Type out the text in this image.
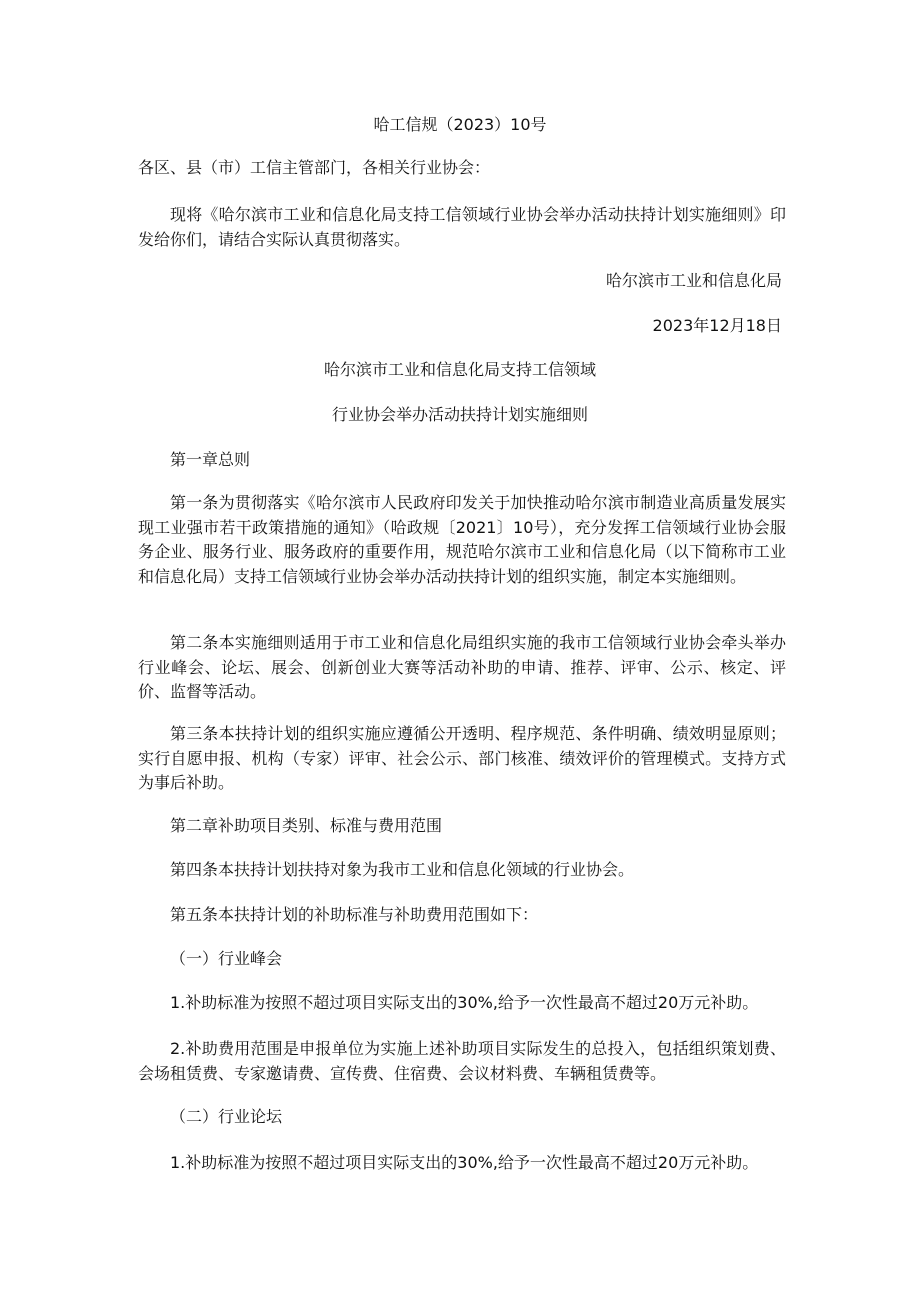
哈工信规（2023）10号

各区、县（市）工信主管部门，各相关行业协会：

现将《哈尔滨市工业和信息化局支持工信领域行业协会举办活动扶持计划实施细则》印发给你们，请结合实际认真贯彻落实。

哈尔滨市工业和信息化局

2023年12月18日

哈尔滨市工业和信息化局支持工信领域

行业协会举办活动扶持计划实施细则

第一章总则

第一条为贯彻落实《哈尔滨市人民政府印发关于加快推动哈尔滨市制造业高质量发展实现工业强市若干政策措施的通知》（哈政规〔2021〕10号），充分发挥工信领域行业协会服务企业、服务行业、服务政府的重要作用，规范哈尔滨市工业和信息化局（以下简称市工业和信息化局）支持工信领域行业协会举办活动扶持计划的组织实施，制定本实施细则。

第二条本实施细则适用于市工业和信息化局组织实施的我市工信领域行业协会牵头举办行业峰会、论坛、展会、创新创业大赛等活动补助的申请、推荐、评审、公示、核定、评价、监督等活动。

第三条本扶持计划的组织实施应遵循公开透明、程序规范、条件明确、绩效明显原则；实行自愿申报、机构（专家）评审、社会公示、部门核准、绩效评价的管理模式。支持方式为事后补助。

第二章补助项目类别、标准与费用范围

第四条本扶持计划扶持对象为我市工业和信息化领域的行业协会。

第五条本扶持计划的补助标准与补助费用范围如下：

（一）行业峰会

1.补助标准为按照不超过项目实际支出的30%,给予一次性最高不超过20万元补助。

2.补助费用范围是申报单位为实施上述补助项目实际发生的总投入，包括组织策划费、会场租赁费、专家邀请费、宣传费、住宿费、会议材料费、车辆租赁费等。

（二）行业论坛

1.补助标准为按照不超过项目实际支出的30%,给予一次性最高不超过20万元补助。
